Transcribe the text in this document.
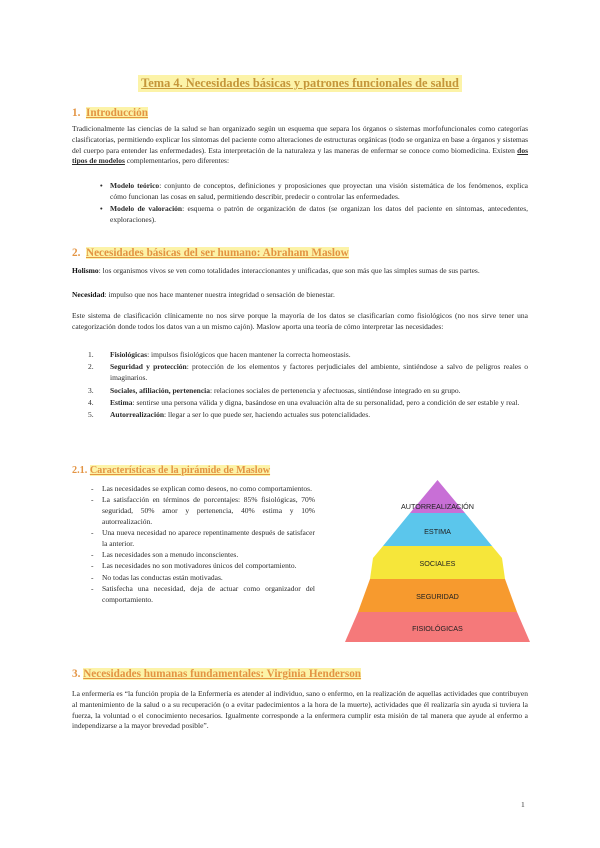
Tema 4. Necesidades básicas y patrones funcionales de salud
1. Introducción
Tradicionalmente las ciencias de la salud se han organizado según un esquema que separa los órganos o sistemas morfofuncionales como categorías clasificatorias, permitiendo explicar los síntomas del paciente como alteraciones de estructuras orgánicas (todo se organiza en base a órganos y sistemas del cuerpo para entender las enfermedades). Esta interpretación de la naturaleza y las maneras de enfermar se conoce como biomedicina. Existen dos tipos de modelos complementarios, pero diferentes:
• Modelo teórico: conjunto de conceptos, definiciones y proposiciones que proyectan una visión sistemática de los fenómenos, explica cómo funcionan las cosas en salud, permitiendo describir, predecir o controlar las enfermedades.
• Modelo de valoración: esquema o patrón de organización de datos (se organizan los datos del paciente en síntomas, antecedentes, exploraciones).
2. Necesidades básicas del ser humano: Abraham Maslow
Holismo: los organismos vivos se ven como totalidades interaccionantes y unificadas, que son más que las simples sumas de sus partes.
Necesidad: impulso que nos hace mantener nuestra integridad o sensación de bienestar.
Este sistema de clasificación clínicamente no nos sirve porque la mayoría de los datos se clasificarían como fisiológicos (no nos sirve tener una categorización donde todos los datos van a un mismo cajón). Maslow aporta una teoría de cómo interpretar las necesidades:
1. Fisiológicas: impulsos fisiológicos que hacen mantener la correcta homeostasis.
2. Seguridad y protección: protección de los elementos y factores perjudiciales del ambiente, sintiéndose a salvo de peligros reales o imaginarios.
3. Sociales, afiliación, pertenencia: relaciones sociales de pertenencia y afectuosas, sintiéndose integrado en su grupo.
4. Estima: sentirse una persona válida y digna, basándose en una evaluación alta de su personalidad, pero a condición de ser estable y real.
5. Autorrealización: llegar a ser lo que puede ser, haciendo actuales sus potencialidades.
2.1. Características de la pirámide de Maslow
- Las necesidades se explican como deseos, no como comportamientos.
- La satisfacción en términos de porcentajes: 85% fisiológicas, 70% seguridad, 50% amor y pertenencia, 40% estima y 10% autorrealización.
- Una nueva necesidad no aparece repentinamente después de satisfacer la anterior.
- Las necesidades son a menudo inconscientes.
- Las necesidades no son motivadores únicos del comportamiento.
- No todas las conductas están motivadas.
- Satisfecha una necesidad, deja de actuar como organizador del comportamiento.
AUTORREALIZACIÓN
ESTIMA
SOCIALES
SEGURIDAD
FISIOLÓGICAS
3. Necesidades humanas fundamentales: Virginia Henderson
La enfermería es “la función propia de la Enfermería es atender al individuo, sano o enfermo, en la realización de aquellas actividades que contribuyen al mantenimiento de la salud o a su recuperación (o a evitar padecimientos a la hora de la muerte), actividades que él realizaría sin ayuda si tuviera la fuerza, la voluntad o el conocimiento necesarios. Igualmente corresponde a la enfermera cumplir esta misión de tal manera que ayude al enfermo a independizarse a la mayor brevedad posible”.
1
